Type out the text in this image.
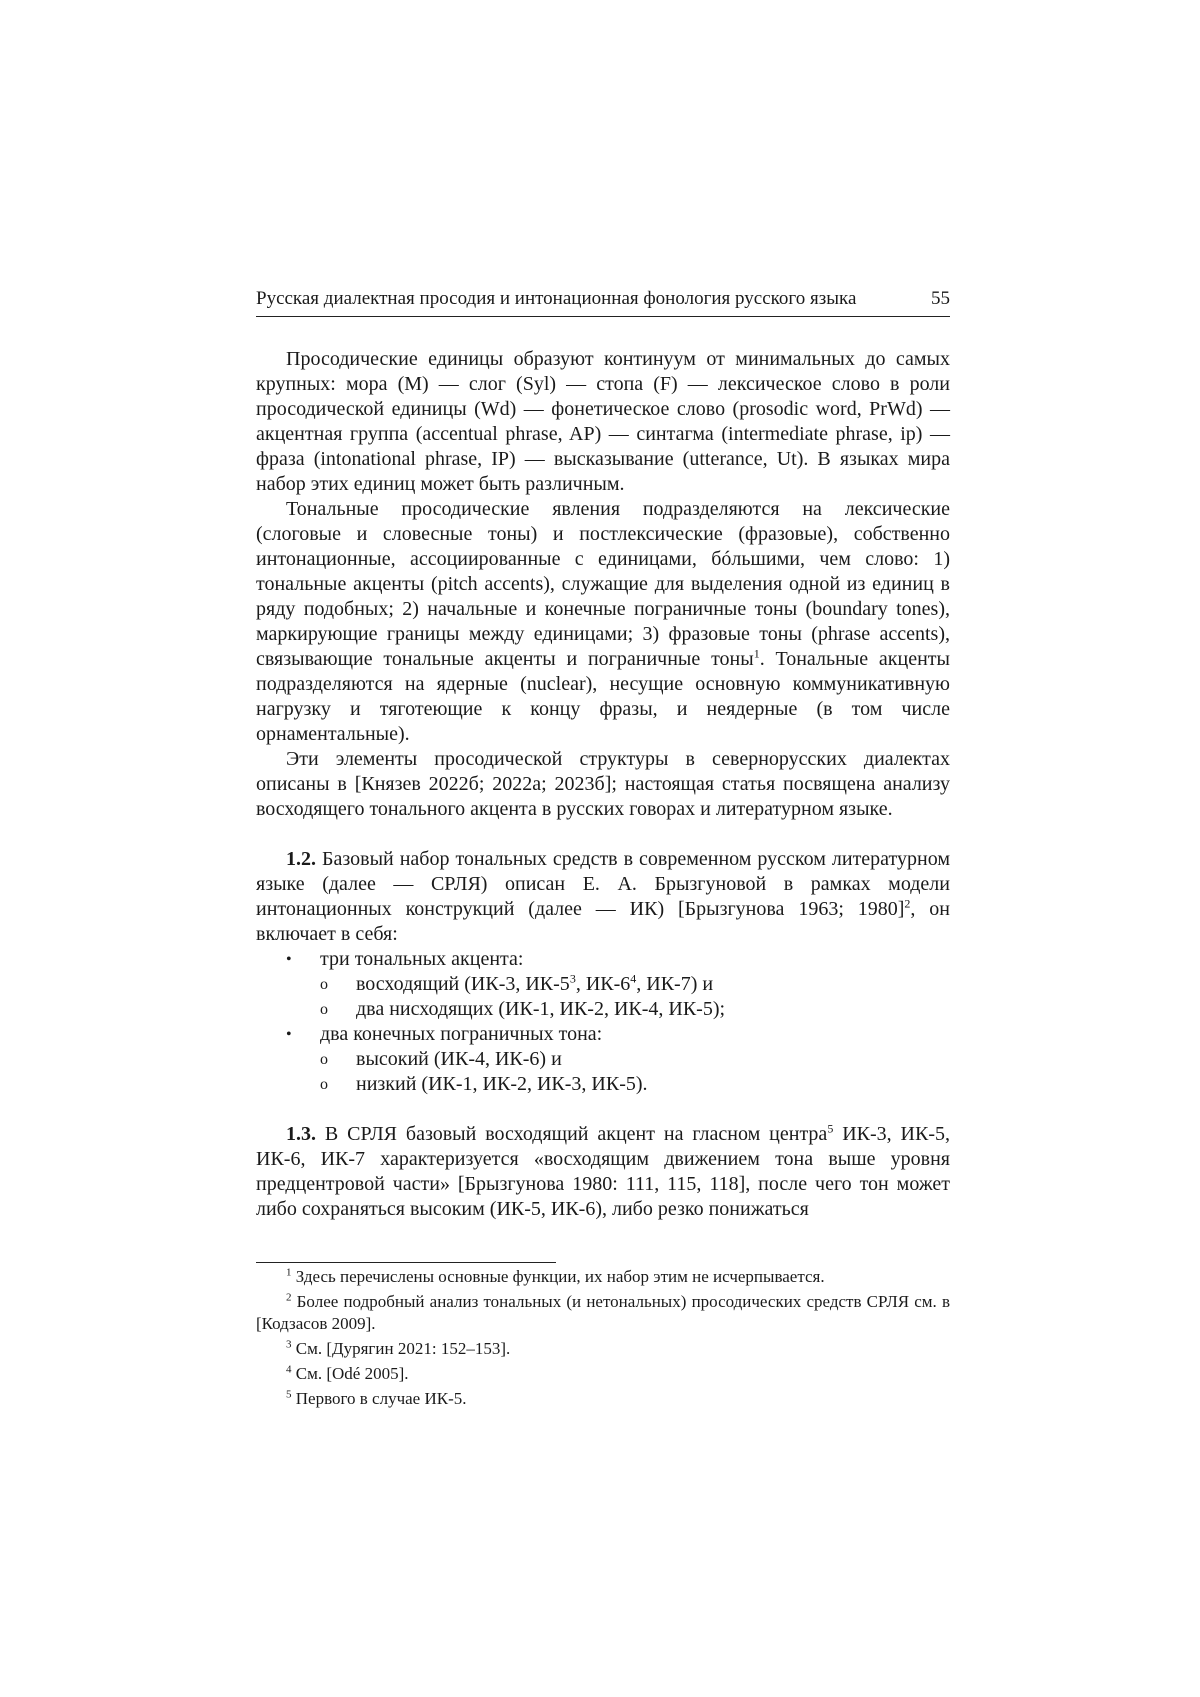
Русская диалектная просодия и интонационная фонология русского языка	55

Просодические единицы образуют континуум от минимальных до самых крупных: мора (M) — слог (Syl) — стопа (F) — лексическое слово в роли просодической единицы (Wd) — фонетическое слово (prosodic word, PrWd) — акцентная группа (accentual phrase, AP) — синтагма (intermediate phrase, ip) — фраза (intonational phrase, IP) — высказывание (utterance, Ut). В языках мира набор этих единиц может быть различным.

Тональные просодические явления подразделяются на лексические (слоговые и словесные тоны) и постлексические (фразовые), собственно интонационные, ассоциированные с единицами, бóльшими, чем слово: 1) тональные акценты (pitch accents), служащие для выделения одной из единиц в ряду подобных; 2) начальные и конечные пограничные тоны (boundary tones), маркирующие границы между единицами; 3) фразовые тоны (phrase accents), связывающие тональные акценты и пограничные тоны$^1$. Тональные акценты подразделяются на ядерные (nuclear), несущие основную коммуникативную нагрузку и тяготеющие к концу фразы, и неядерные (в том числе орнаментальные).

Эти элементы просодической структуры в севернорусских диалектах описаны в [Князев 2022б; 2022а; 2023б]; настоящая статья посвящена анализу восходящего тонального акцента в русских говорах и литературном языке.

1.2. Базовый набор тональных средств в современном русском литературном языке (далее — СРЛЯ) описан Е. А. Брызгуновой в рамках модели интонационных конструкций (далее — ИК) [Брызгунова 1963; 1980]$^2$, он включает в себя:

• три тональных акцента:
o восходящий (ИК-3, $ИК-5^3$, $ИК-6^4$, ИК-7) и
o два нисходящих (ИК-1, ИК-2, ИК-4, ИК-5);
• два конечных пограничных тона:
o высокий (ИК-4, ИК-6) и
o низкий (ИК-1, ИК-2, ИК-3, ИК-5).

1.3. В СРЛЯ базовый восходящий акцент на гласном центра$^5$ ИК-3, ИК-5, ИК-6, ИК-7 характеризуется «восходящим движением тона выше уровня предцентровой части» [Брызгунова 1980: 111, 115, 118], после чего тон может либо сохраняться высоким (ИК-5, ИК-6), либо резко понижаться

$^1$ Здесь перечислены основные функции, их набор этим не исчерпывается.

$^2$ Более подробный анализ тональных (и нетональных) просодических средств СРЛЯ см. в [Кодзасов 2009].

$^3$ См. [Дурягин 2021: 152–153].

$^4$ См. [Odé 2005].

$^5$ Первого в случае ИК-5.
